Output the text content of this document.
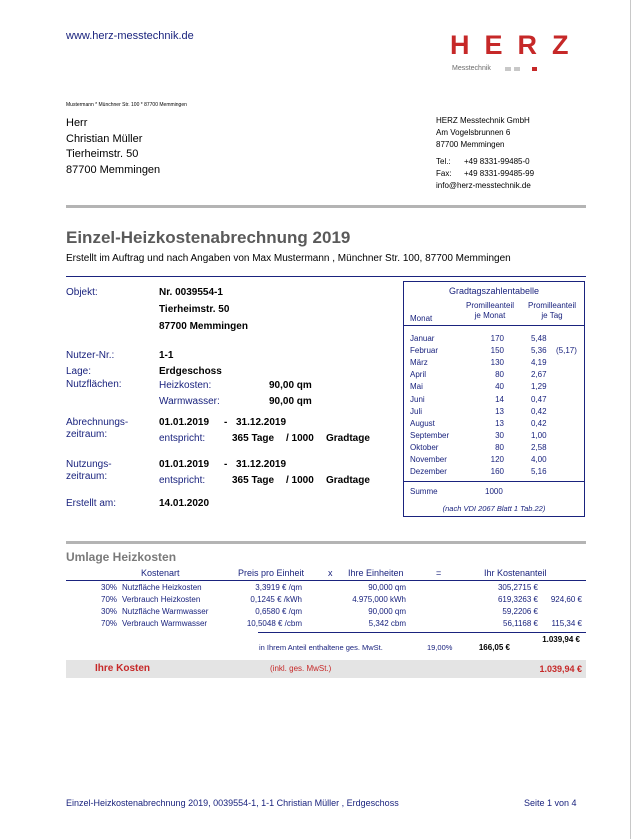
www.herz-messtechnik.de	HERZ
Messtechnik
Mustermann * Münchner Str. 100 * 87700 Memmingen
Herr
Christian Müller
Tierheimstr. 50
87700 Memmingen
HERZ Messtechnik GmbH
Am Vogelsbrunnen 6
87700 Memmingen
Tel.: +49 8331-99485-0
Fax: +49 8331-99485-99
info@herz-messtechnik.de
Einzel-Heizkostenabrechnung 2019
Erstellt im Auftrag und nach Angaben von Max Mustermann , Münchner Str. 100, 87700 Memmingen
Objekt:	Nr. 0039554-1
Tierheimstr. 50
87700 Memmingen
Nutzer-Nr.:	1-1
Lage:	Erdgeschoss
Nutzflächen:	Heizkosten:	90,00 qm
Warmwasser:	90,00 qm
Abrechnungs-
zeitraum:
01.01.2019 - 31.12.2019
entspricht:	365 Tage / 1000 Gradtage
Nutzungs-
zeitraum:
01.01.2019 - 31.12.2019
entspricht:	365 Tage / 1000 Gradtage
Erstellt am:	14.01.2020
Gradtagszahlentabelle
Promilleanteil
je Monat
Promilleanteil
je Tag
Monat
Januar	170	5,48
Februar	150	5,36 (5,17)
März	130	4,19
April	80	2,67
Mai	40	1,29
Juni	14	0,47
Juli	13	0,42
August	13	0,42
September	30	1,00
Oktober	80	2,58
November	120	4,00
Dezember	160	5,16
Summe	1000
(nach VDI 2067 Blatt 1 Tab.22)
Umlage Heizkosten
Kostenart	Preis pro Einheit	x Ihre Einheiten	=	Ihr Kostenanteil
30% Nutzfläche Heizkosten	3,3919 € /qm	90,000 qm	305,2715 €
70% Verbrauch Heizkosten	0,1245 € /kWh	4.975,000 kWh	619,3263 €	924,60 €
30% Nutzfläche Warmwasser	0,6580 € /qm	90,000 qm	59,2206 €
70% Verbrauch Warmwasser	10,5048 € /cbm	5,342 cbm	56,1168 €	115,34 €
1.039,94 €
in Ihrem Anteil enthaltene ges. MwSt.	19,00%	166,05 €
Ihre Kosten	(inkl. ges. MwSt.)	1.039,94 €
Einzel-Heizkostenabrechnung 2019, 0039554-1, 1-1 Christian Müller , Erdgeschoss	Seite 1 von 4
